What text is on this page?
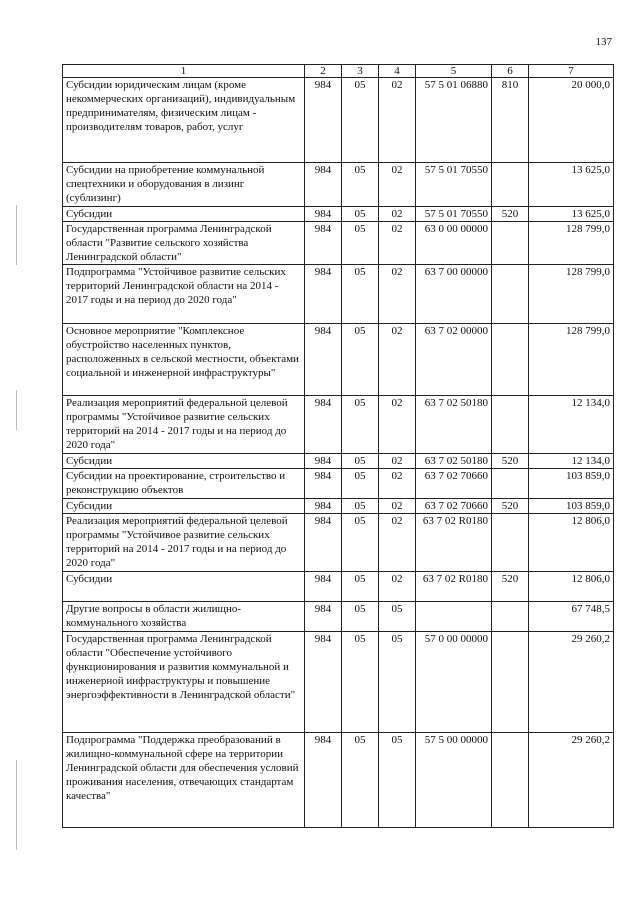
137
1	2	3	4	5	6	7
Субсидии юридическим лицам (кроме некоммерческих организаций), индивидуальным предпринимателям, физическим лицам - производителям товаров, работ, услуг	984	05	02	57 5 01 06880	810	20 000,0
Субсидии на приобретение коммунальной спецтехники и оборудования в лизинг (сублизинг)	984	05	02	57 5 01 70550		13 625,0
Субсидии	984	05	02	57 5 01 70550	520	13 625,0
Государственная программа Ленинградской области "Развитие сельского хозяйства Ленинградской области"	984	05	02	63 0 00 00000		128 799,0
Подпрограмма "Устойчивое развитие сельских территорий Ленинградской области на 2014 - 2017 годы и на период до 2020 года"	984	05	02	63 7 00 00000		128 799,0
Основное мероприятие "Комплексное обустройство населенных пунктов, расположенных в сельской местности, объектами социальной и инженерной инфраструктуры"	984	05	02	63 7 02 00000		128 799,0
Реализация мероприятий федеральной целевой программы "Устойчивое развитие сельских территорий на 2014 - 2017 годы и на период до 2020 года"	984	05	02	63 7 02 50180		12 134,0
Субсидии	984	05	02	63 7 02 50180	520	12 134,0
Субсидии на проектирование, строительство и реконструкцию объектов	984	05	02	63 7 02 70660		103 859,0
Субсидии	984	05	02	63 7 02 70660	520	103 859,0
Реализация мероприятий федеральной целевой программы "Устойчивое развитие сельских территорий на 2014 - 2017 годы и на период до 2020 года"	984	05	02	63 7 02 R0180		12 806,0
Субсидии	984	05	02	63 7 02 R0180	520	12 806,0
Другие вопросы в области жилищно-коммунального хозяйства	984	05	05			67 748,5
Государственная программа Ленинградской области "Обеспечение устойчивого функционирования и развития коммунальной и инженерной инфраструктуры и повышение энергоэффективности в Ленинградской области"	984	05	05	57 0 00 00000		29 260,2
Подпрограмма "Поддержка преобразований в жилищно-коммунальной сфере на территории Ленинградской области для обеспечения условий проживания населения, отвечающих стандартам качества"	984	05	05	57 5 00 00000		29 260,2
